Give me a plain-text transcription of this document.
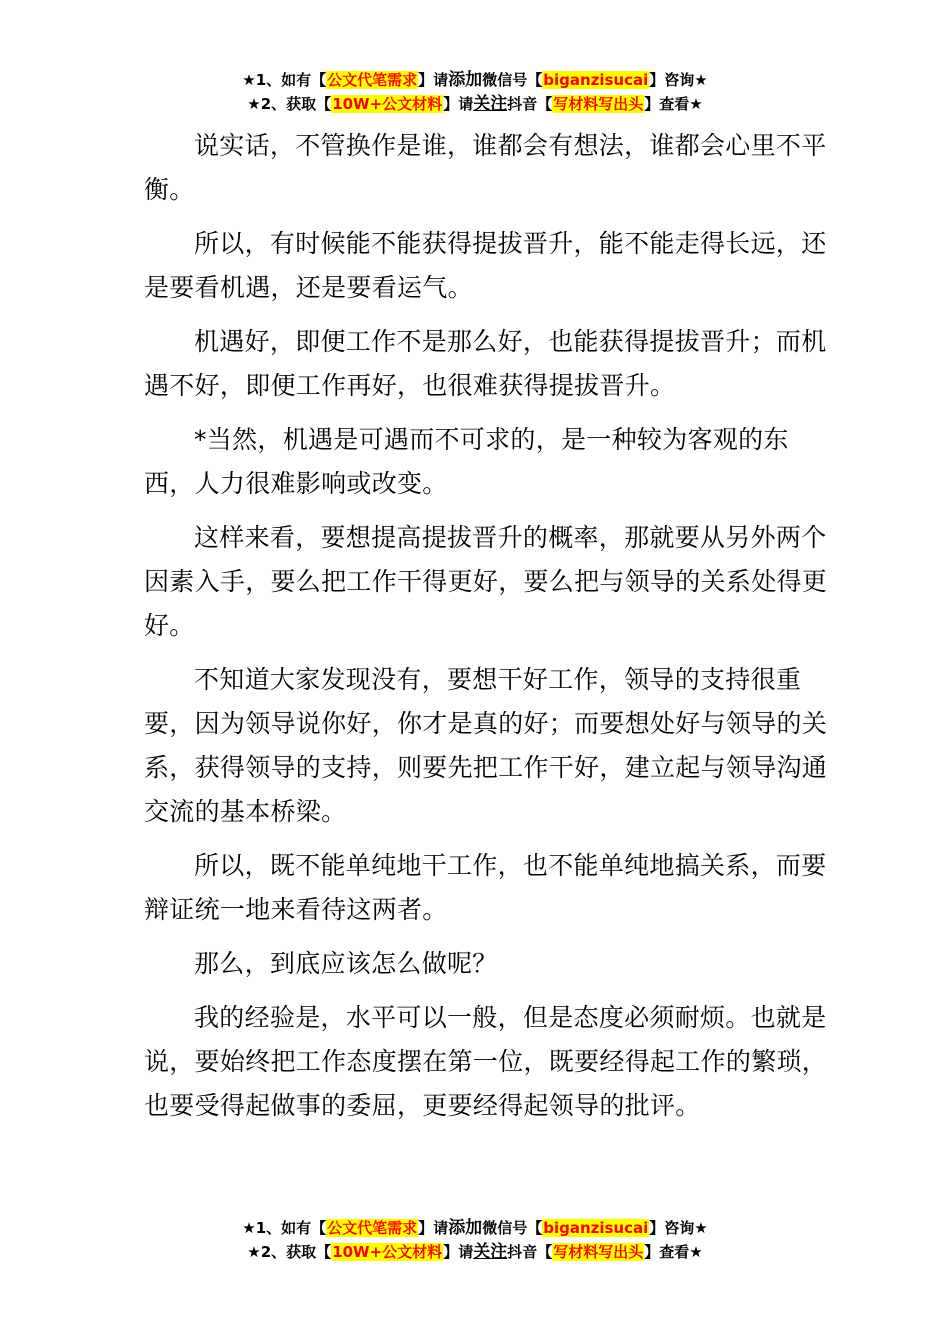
★1、如有【公文代笔需求】请添加微信号【biganzisucai】咨询★
★2、获取【10W+公文材料】请关注抖音【写材料写出头】查看★

说实话，不管换作是谁，谁都会有想法，谁都会心里不平衡。

所以，有时候能不能获得提拔晋升，能不能走得长远，还是要看机遇，还是要看运气。

机遇好，即便工作不是那么好，也能获得提拔晋升；而机遇不好，即便工作再好，也很难获得提拔晋升。

*当然，机遇是可遇而不可求的，是一种较为客观的东西，人力很难影响或改变。

这样来看，要想提高提拔晋升的概率，那就要从另外两个因素入手，要么把工作干得更好，要么把与领导的关系处得更好。

不知道大家发现没有，要想干好工作，领导的支持很重要，因为领导说你好，你才是真的好；而要想处好与领导的关系，获得领导的支持，则要先把工作干好，建立起与领导沟通交流的基本桥梁。

所以，既不能单纯地干工作，也不能单纯地搞关系，而要辩证统一地来看待这两者。

那么，到底应该怎么做呢？

我的经验是，水平可以一般，但是态度必须耐烦。也就是说，要始终把工作态度摆在第一位，既要经得起工作的繁琐，也要受得起做事的委屈，更要经得起领导的批评。

★1、如有【公文代笔需求】请添加微信号【biganzisucai】咨询★
★2、获取【10W+公文材料】请关注抖音【写材料写出头】查看★
